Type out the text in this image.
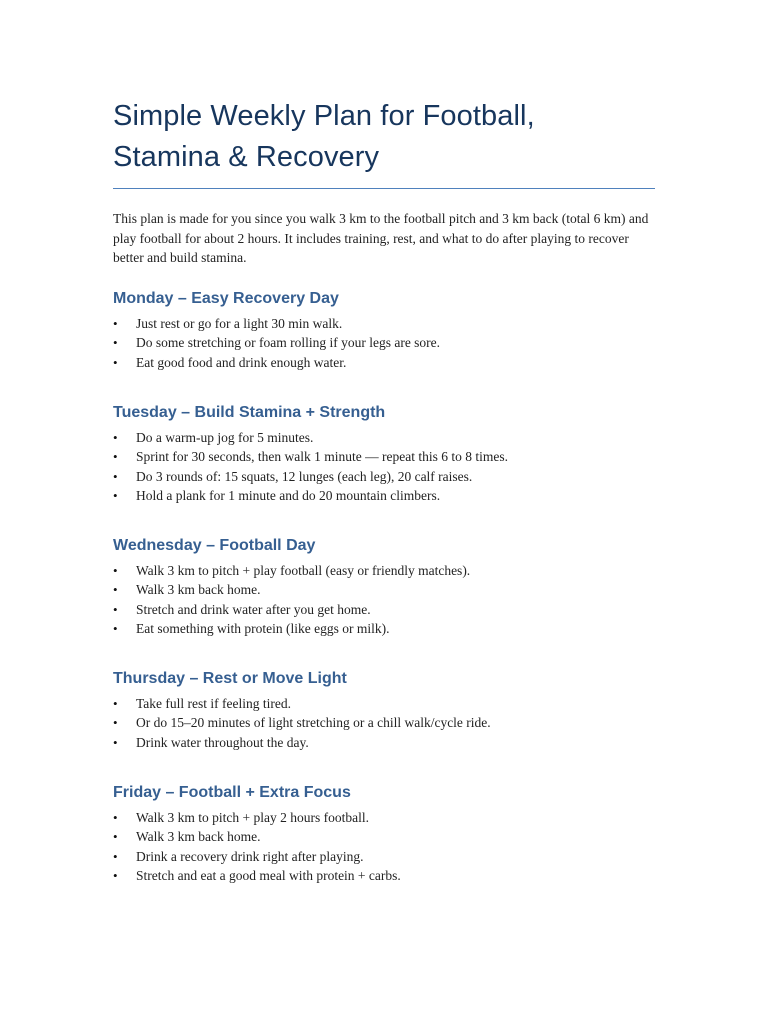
Simple Weekly Plan for Football,
Stamina & Recovery

This plan is made for you since you walk 3 km to the football pitch and 3 km back (total 6 km) and play football for about 2 hours. It includes training, rest, and what to do after playing to recover better and build stamina.

Monday – Easy Recovery Day
• Just rest or go for a light 30 min walk.
• Do some stretching or foam rolling if your legs are sore.
• Eat good food and drink enough water.
Tuesday – Build Stamina + Strength
• Do a warm-up jog for 5 minutes.
• Sprint for 30 seconds, then walk 1 minute — repeat this 6 to 8 times.
• Do 3 rounds of: 15 squats, 12 lunges (each leg), 20 calf raises.
• Hold a plank for 1 minute and do 20 mountain climbers.
Wednesday – Football Day
• Walk 3 km to pitch + play football (easy or friendly matches).
• Walk 3 km back home.
• Stretch and drink water after you get home.
• Eat something with protein (like eggs or milk).
Thursday – Rest or Move Light
• Take full rest if feeling tired.
• Or do 15–20 minutes of light stretching or a chill walk/cycle ride.
• Drink water throughout the day.
Friday – Football + Extra Focus
• Walk 3 km to pitch + play 2 hours football.
• Walk 3 km back home.
• Drink a recovery drink right after playing.
• Stretch and eat a good meal with protein + carbs.
